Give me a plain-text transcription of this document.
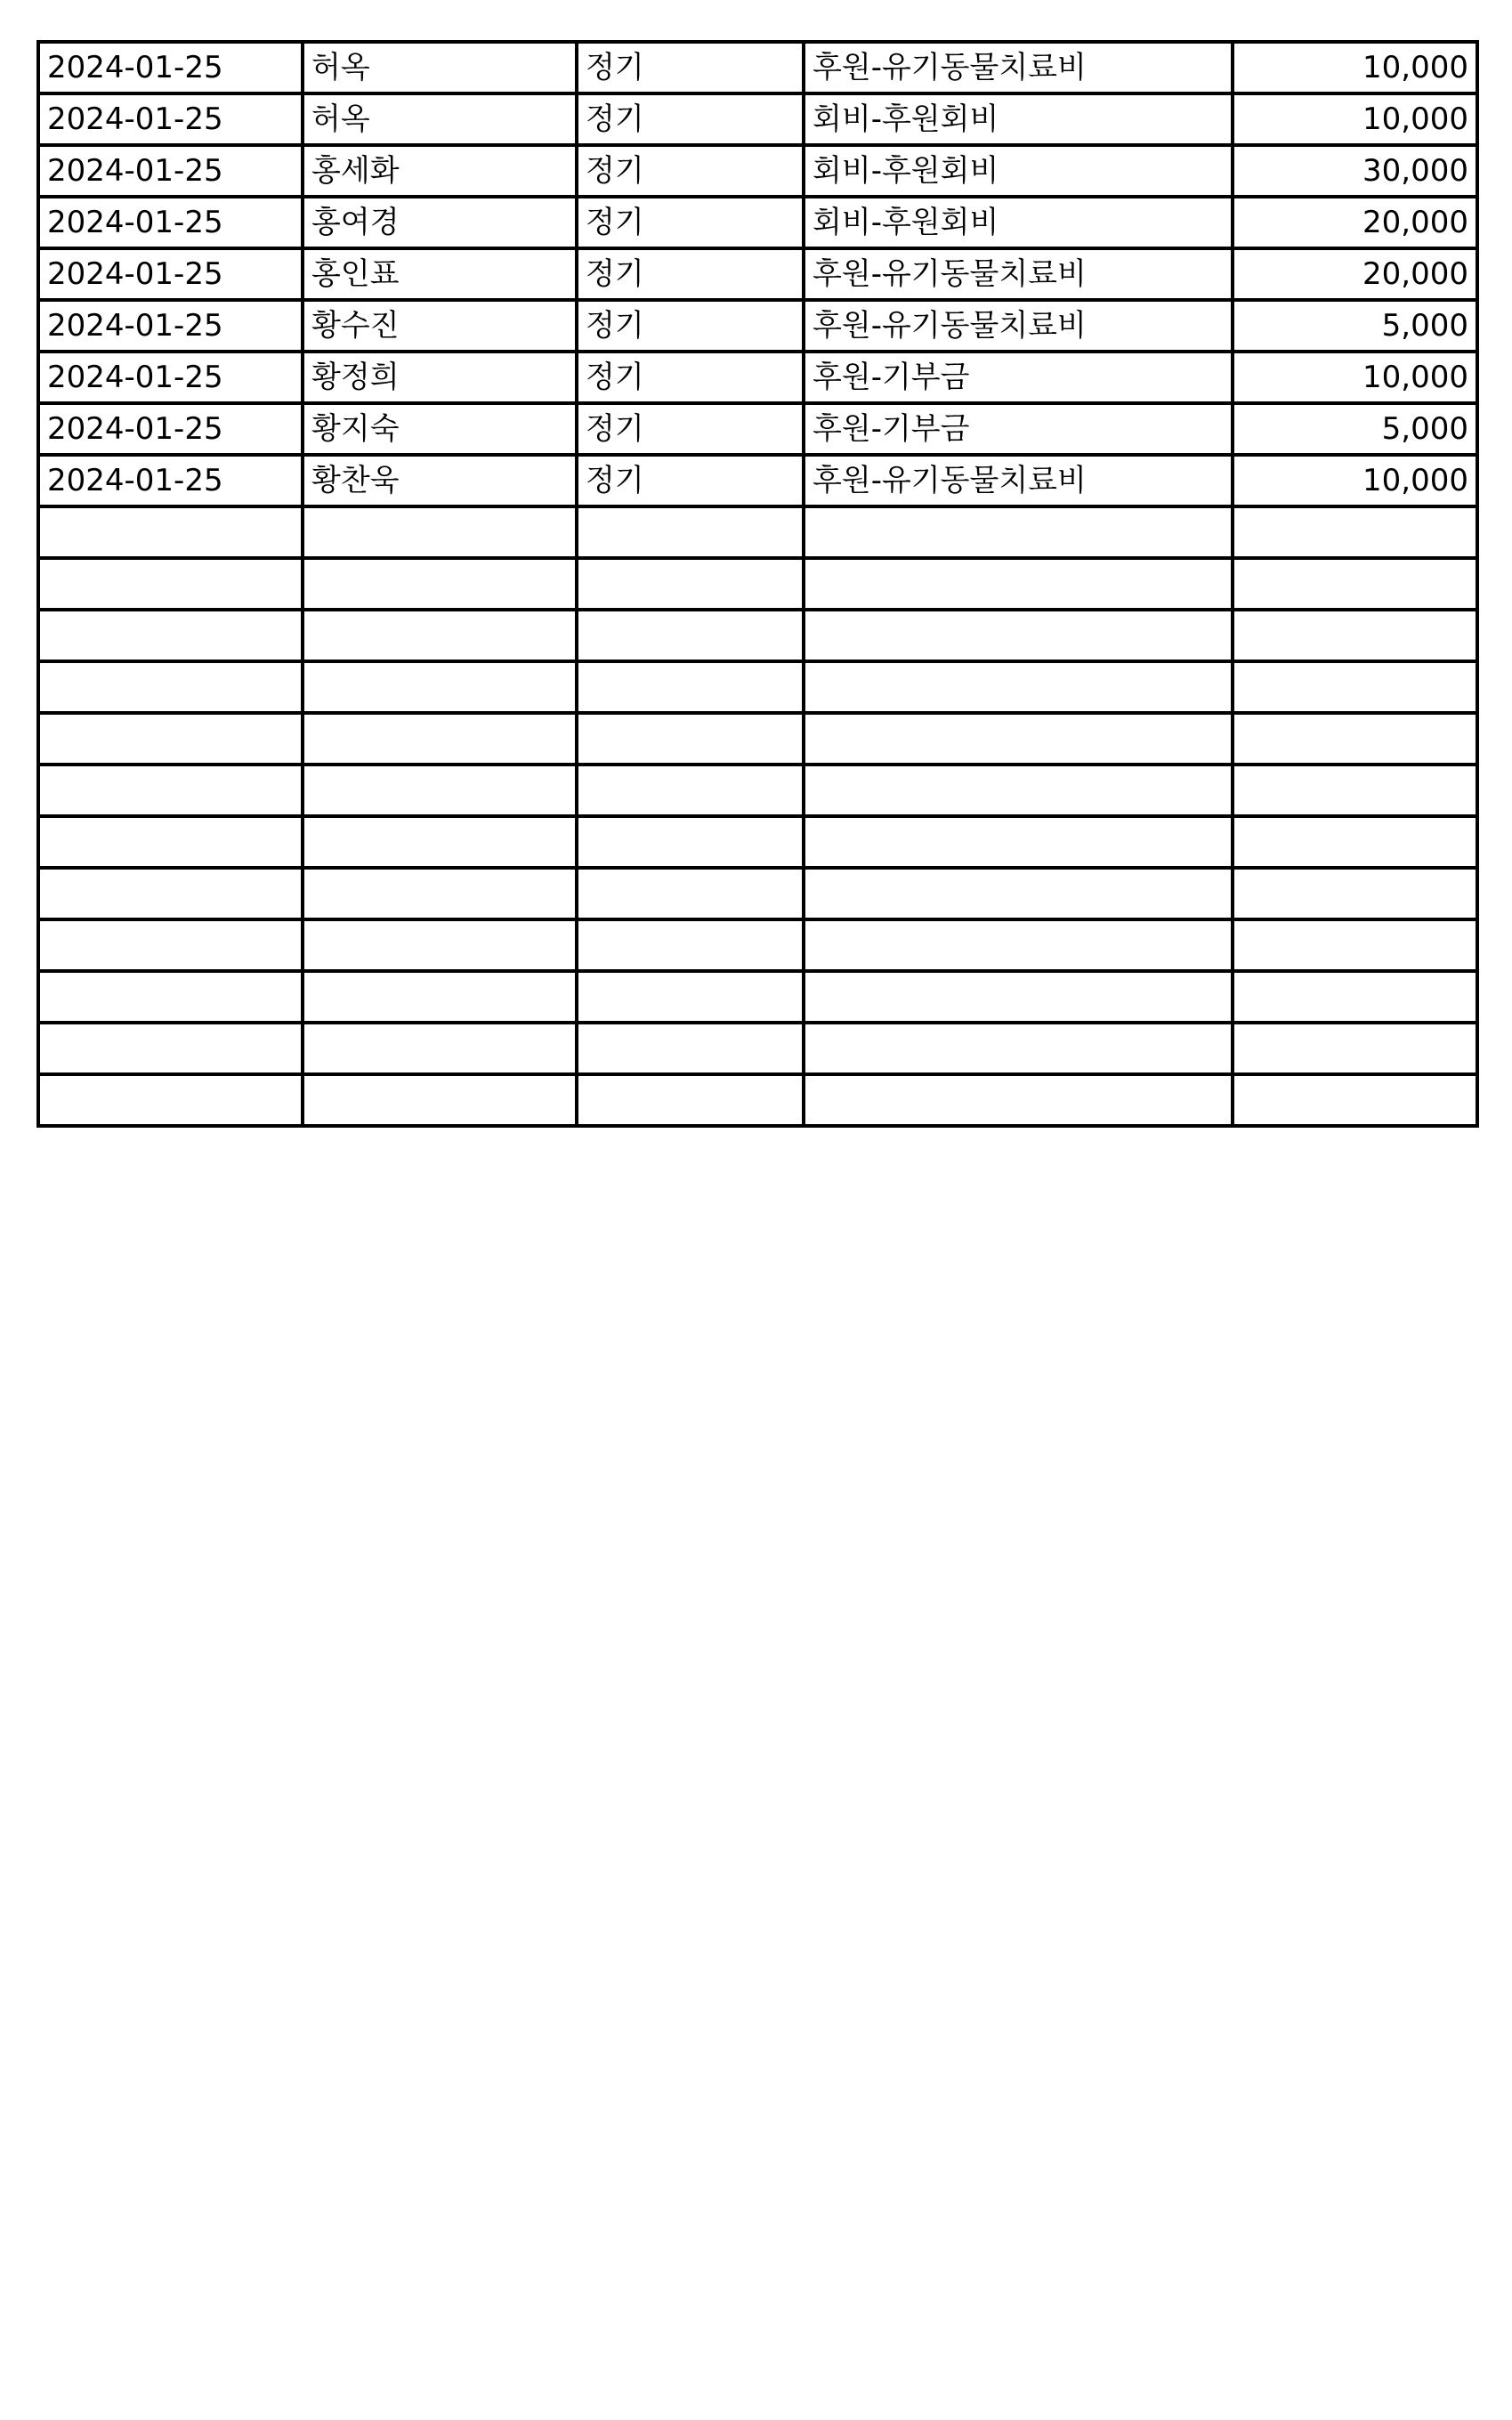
2024-01-25	허옥	정기	후원-유기동물치료비	10,000
2024-01-25	허옥	정기	회비-후원회비	10,000
2024-01-25	홍세화	정기	회비-후원회비	30,000
2024-01-25	홍여경	정기	회비-후원회비	20,000
2024-01-25	홍인표	정기	후원-유기동물치료비	20,000
2024-01-25	황수진	정기	후원-유기동물치료비	5,000
2024-01-25	황정희	정기	후원-기부금	10,000
2024-01-25	황지숙	정기	후원-기부금	5,000
2024-01-25	황찬욱	정기	후원-유기동물치료비	10,000
